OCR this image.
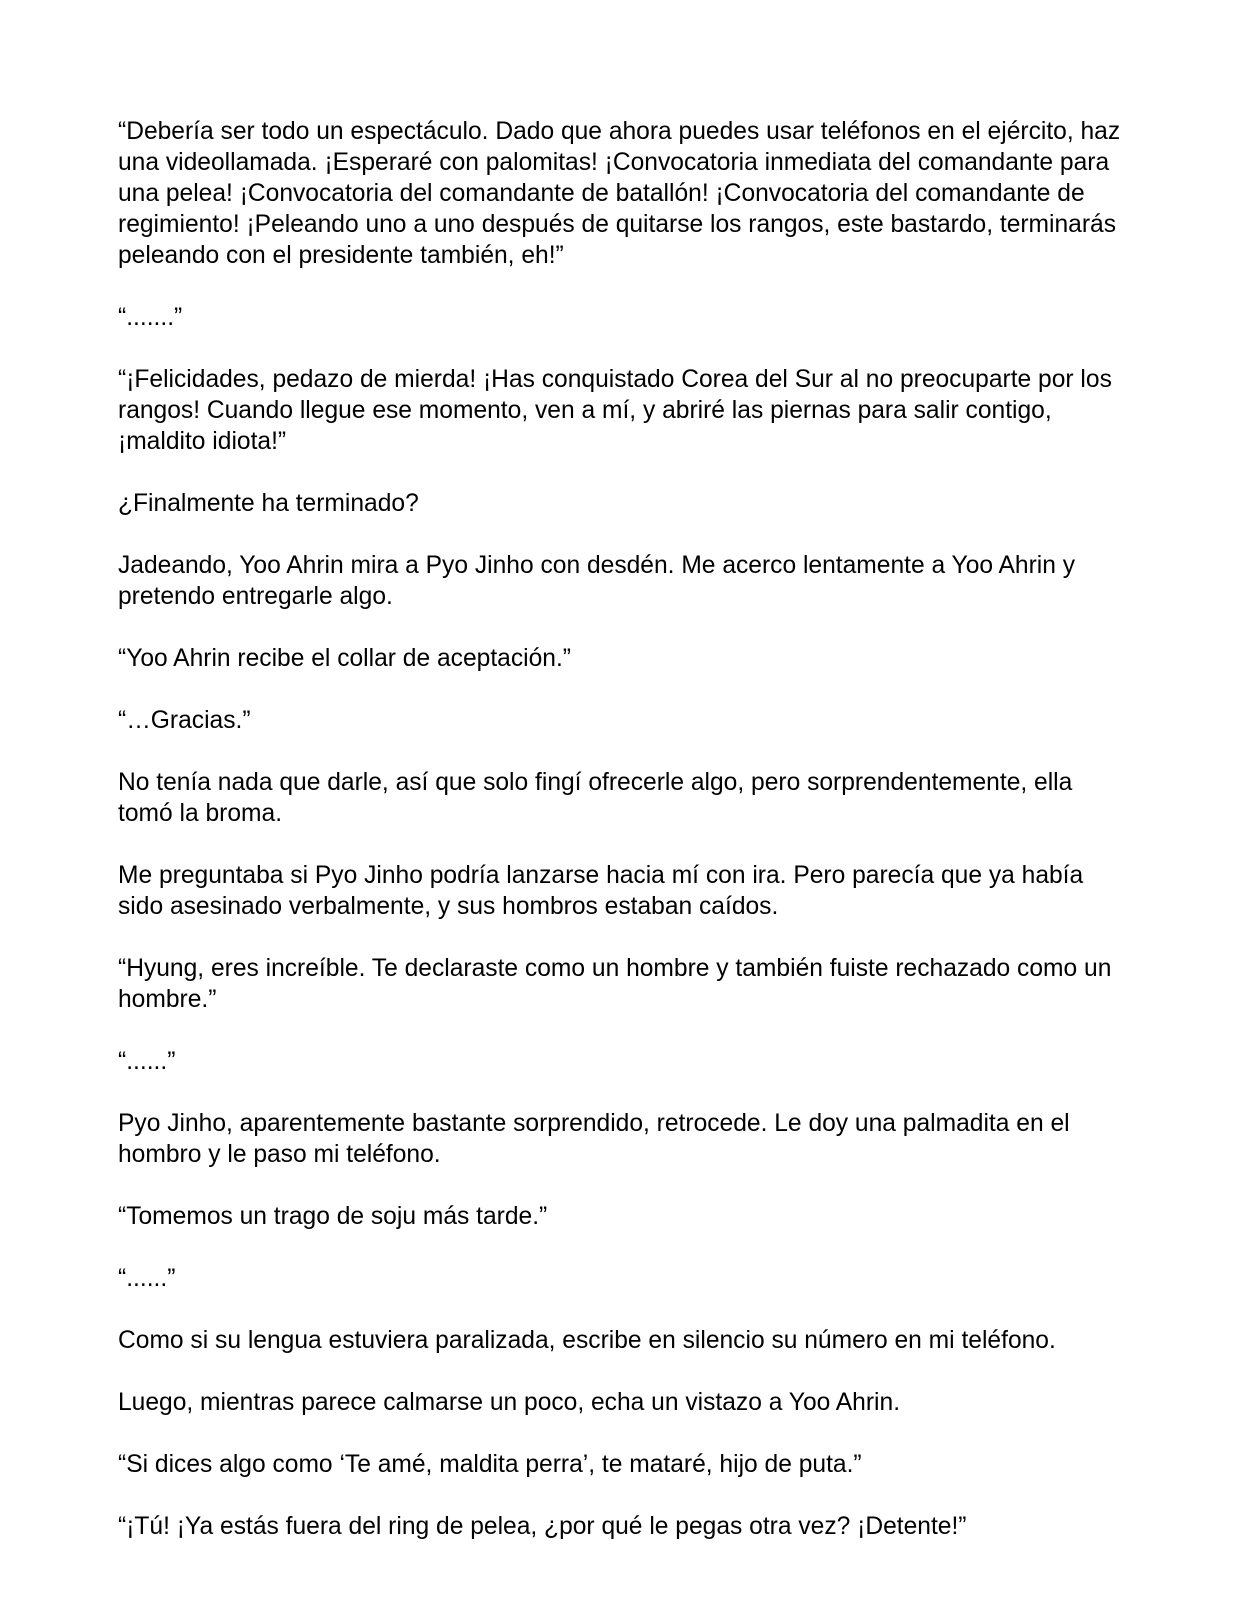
“Debería ser todo un espectáculo. Dado que ahora puedes usar teléfonos en el ejército, haz una videollamada. ¡Esperaré con palomitas! ¡Convocatoria inmediata del comandante para una pelea! ¡Convocatoria del comandante de batallón! ¡Convocatoria del comandante de regimiento! ¡Peleando uno a uno después de quitarse los rangos, este bastardo, terminarás peleando con el presidente también, eh!”

“.......”

“¡Felicidades, pedazo de mierda! ¡Has conquistado Corea del Sur al no preocuparte por los rangos! Cuando llegue ese momento, ven a mí, y abriré las piernas para salir contigo, ¡maldito idiota!”

¿Finalmente ha terminado?

Jadeando, Yoo Ahrin mira a Pyo Jinho con desdén. Me acerco lentamente a Yoo Ahrin y pretendo entregarle algo.

“Yoo Ahrin recibe el collar de aceptación.”

“…Gracias.”

No tenía nada que darle, así que solo fingí ofrecerle algo, pero sorprendentemente, ella tomó la broma.

Me preguntaba si Pyo Jinho podría lanzarse hacia mí con ira. Pero parecía que ya había sido asesinado verbalmente, y sus hombros estaban caídos.

“Hyung, eres increíble. Te declaraste como un hombre y también fuiste rechazado como un hombre.”

“......”

Pyo Jinho, aparentemente bastante sorprendido, retrocede. Le doy una palmadita en el hombro y le paso mi teléfono.

“Tomemos un trago de soju más tarde.”

“......”

Como si su lengua estuviera paralizada, escribe en silencio su número en mi teléfono.

Luego, mientras parece calmarse un poco, echa un vistazo a Yoo Ahrin.

“Si dices algo como ‘Te amé, maldita perra’, te mataré, hijo de puta.”

“¡Tú! ¡Ya estás fuera del ring de pelea, ¿por qué le pegas otra vez? ¡Detente!”
